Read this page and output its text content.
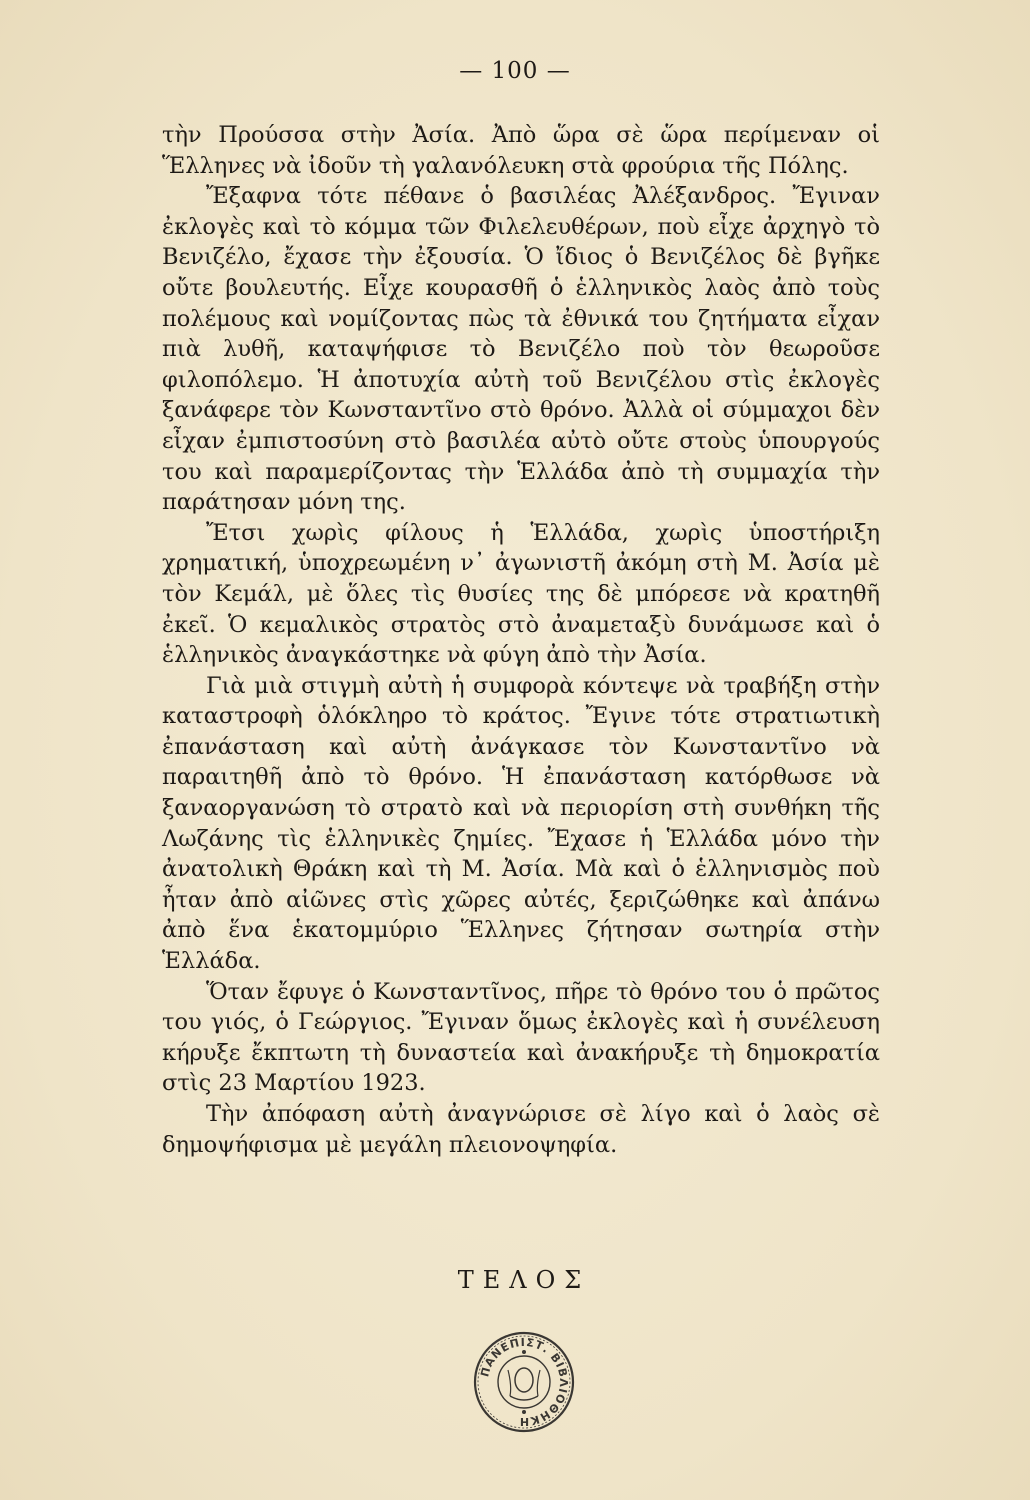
— 100 —

τὴν Προύσσα στὴν Ἀσία. Ἀπὸ ὥρα σὲ ὥρα περίμεναν οἱ Ἕλληνες νὰ ἰδοῦν τὴ γαλανόλευκη στὰ φρούρια τῆς Πόλης.

Ἔξαφνα τότε πέθανε ὁ βασιλέας Ἀλέξανδρος. Ἔγιναν ἐκλογὲς καὶ τὸ κόμμα τῶν Φιλελευθέρων, ποὺ εἶχε ἀρχηγὸ τὸ Βενιζέλο, ἔχασε τὴν ἐξουσία. Ὁ ἴδιος ὁ Βενιζέλος δὲ βγῆκε οὔτε βουλευτής. Εἶχε κουρασθῆ ὁ ἑλληνικὸς λαὸς ἀπὸ τοὺς πολέμους καὶ νομίζοντας πὼς τὰ ἐθνικά του ζητήματα εἶχαν πιὰ λυθῆ, καταψήφισε τὸ Βενιζέλο ποὺ τὸν θεωροῦσε φιλοπόλεμο. Ἡ ἀποτυχία αὐτὴ τοῦ Βενιζέλου στὶς ἐκλογὲς ξανάφερε τὸν Κωνσταντῖνο στὸ θρόνο. Ἀλλὰ οἱ σύμμαχοι δὲν εἶχαν ἐμπιστοσύνη στὸ βασιλέα αὐτὸ οὔτε στοὺς ὑπουργούς του καὶ παραμερίζοντας τὴν Ἑλλάδα ἀπὸ τὴ συμμαχία τὴν παράτησαν μόνη της.

Ἔτσι χωρὶς φίλους ἡ Ἑλλάδα, χωρὶς ὑποστήριξη χρηματική, ὑποχρεωμένη ν᾿ ἀγωνιστῆ ἀκόμη στὴ Μ. Ἀσία μὲ τὸν Κεμάλ, μὲ ὅλες τὶς θυσίες της δὲ μπόρεσε νὰ κρατηθῆ ἐκεῖ. Ὁ κεμαλικὸς στρατὸς στὸ ἀναμεταξὺ δυνάμωσε καὶ ὁ ἑλληνικὸς ἀναγκάστηκε νὰ φύγη ἀπὸ τὴν Ἀσία.

Γιὰ μιὰ στιγμὴ αὐτὴ ἡ συμφορὰ κόντεψε νὰ τραβήξη στὴν καταστροφὴ ὁλόκληρο τὸ κράτος. Ἔγινε τότε στρατιωτικὴ ἐπανάσταση καὶ αὐτὴ ἀνάγκασε τὸν Κωνσταντῖνο νὰ παραιτηθῆ ἀπὸ τὸ θρόνο. Ἡ ἐπανάσταση κατόρθωσε νὰ ξαναοργανώση τὸ στρατὸ καὶ νὰ περιορίση στὴ συνθήκη τῆς Λωζάνης τὶς ἑλληνικὲς ζημίες. Ἔχασε ἡ Ἑλλάδα μόνο τὴν ἀνατολικὴ Θράκη καὶ τὴ Μ. Ἀσία. Μὰ καὶ ὁ ἑλληνισμὸς ποὺ ἦταν ἀπὸ αἰῶνες στὶς χῶρες αὐτές, ξεριζώθηκε καὶ ἀπάνω ἀπὸ ἕνα ἑκατομμύριο Ἕλληνες ζήτησαν σωτηρία στὴν Ἑλλάδα.

Ὅταν ἔφυγε ὁ Κωνσταντῖνος, πῆρε τὸ θρόνο του ὁ πρῶτος του γιός, ὁ Γεώργιος. Ἔγιναν ὅμως ἐκλογὲς καὶ ἡ συνέλευση κήρυξε ἔκπτωτη τὴ δυναστεία καὶ ἀνακήρυξε τὴ δημοκρατία στὶς 23 Μαρτίου 1923.

Τὴν ἀπόφαση αὐτὴ ἀναγνώρισε σὲ λίγο καὶ ὁ λαὸς σὲ δημοψήφισμα μὲ μεγάλη πλειονοψηφία.

ΤΕΛΟΣ
ΠΑΝΕΠΙΣΤ. ΒΙΒΛΙΟΘΗΚΗ
